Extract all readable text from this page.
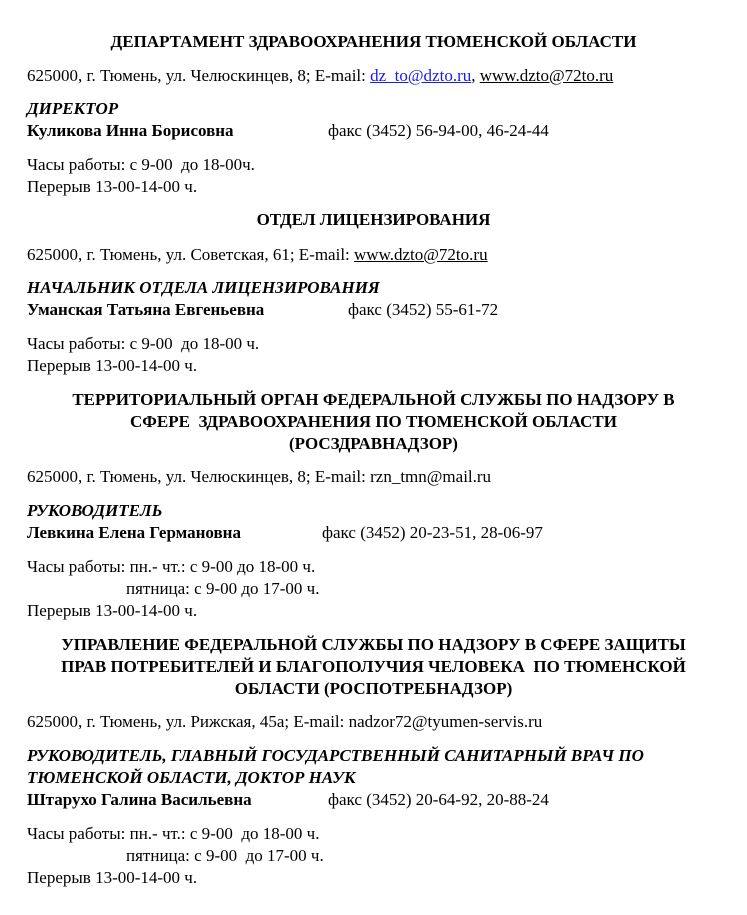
ДЕПАРТАМЕНТ ЗДРАВООХРАНЕНИЯ ТЮМЕНСКОЙ ОБЛАСТИ
625000, г. Тюмень, ул. Челюскинцев, 8; E-mail: dz_to@dzto.ru, www.dzto@72to.ru
ДИРЕКТОР
Куликова Инна Борисовна	факс (3452) 56-94-00, 46-24-44
Часы работы: с 9-00  до 18-00ч.
Перерыв 13-00-14-00 ч.
ОТДЕЛ ЛИЦЕНЗИРОВАНИЯ
625000, г. Тюмень, ул. Советская, 61; E-mail: www.dzto@72to.ru
НАЧАЛЬНИК ОТДЕЛА ЛИЦЕНЗИРОВАНИЯ
Уманская Татьяна Евгеньевна	факс (3452) 55-61-72
Часы работы: с 9-00  до 18-00 ч.
Перерыв 13-00-14-00 ч.
ТЕРРИТОРИАЛЬНЫЙ ОРГАН ФЕДЕРАЛЬНОЙ СЛУЖБЫ ПО НАДЗОРУ В
СФЕРЕ  ЗДРАВООХРАНЕНИЯ ПО ТЮМЕНСКОЙ ОБЛАСТИ
(РОСЗДРАВНАДЗОР)
625000, г. Тюмень, ул. Челюскинцев, 8; E-mail: rzn_tmn@mail.ru
РУКОВОДИТЕЛЬ
Левкина Елена Германовна	факс (3452) 20-23-51, 28-06-97
Часы работы: пн.- чт.: с 9-00 до 18-00 ч.
пятница: с 9-00 до 17-00 ч.
Перерыв 13-00-14-00 ч.
УПРАВЛЕНИЕ ФЕДЕРАЛЬНОЙ СЛУЖБЫ ПО НАДЗОРУ В СФЕРЕ ЗАЩИТЫ
ПРАВ ПОТРЕБИТЕЛЕЙ И БЛАГОПОЛУЧИЯ ЧЕЛОВЕКА  ПО ТЮМЕНСКОЙ
ОБЛАСТИ (РОСПОТРЕБНАДЗОР)
625000, г. Тюмень, ул. Рижская, 45а; E-mail: nadzor72@tyumen-servis.ru
РУКОВОДИТЕЛЬ, ГЛАВНЫЙ ГОСУДАРСТВЕННЫЙ САНИТАРНЫЙ ВРАЧ ПО
ТЮМЕНСКОЙ ОБЛАСТИ, ДОКТОР НАУК
Штарухо Галина Васильевна	факс (3452) 20-64-92, 20-88-24
Часы работы: пн.- чт.: с 9-00  до 18-00 ч.
пятница: с 9-00  до 17-00 ч.
Перерыв 13-00-14-00 ч.
